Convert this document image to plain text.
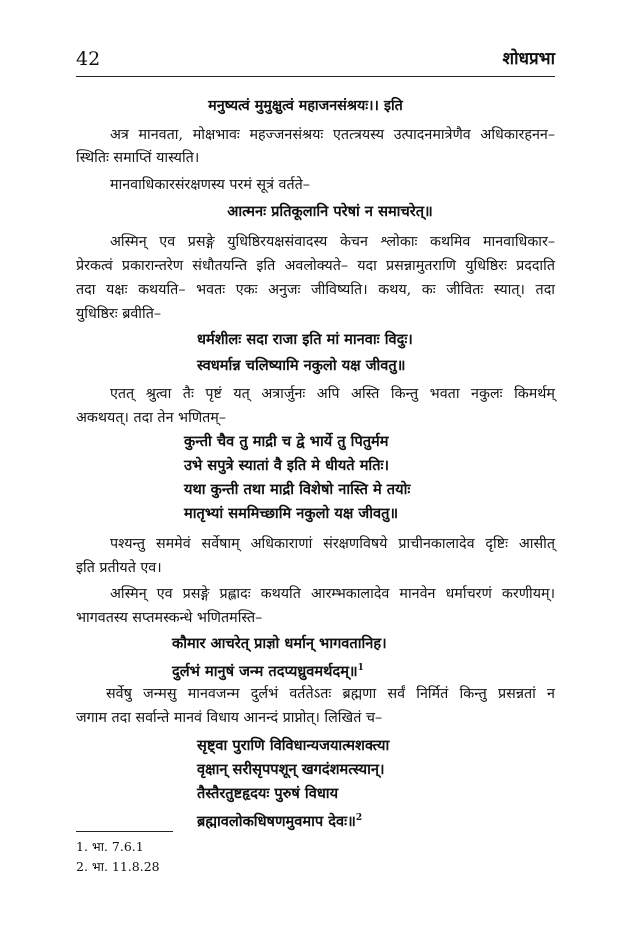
42	शोधप्रभा
मनुष्यत्वं मुमुक्षुत्वं महाजनसंश्रयः।। इति
अत्र मानवता, मोक्षभावः महज्जनसंश्रयः एतत्त्रयस्य उत्पादनमात्रेणैव अधिकारहनन–
स्थितिः समाप्तिं यास्यति।
मानवाधिकारसंरक्षणस्य परमं सूत्रं वर्तते–
आत्मनः प्रतिकूलानि परेषां न समाचरेत्॥
अस्मिन् एव प्रसङ्गे युधिष्ठिरयक्षसंवादस्य केचन श्लोकाः कथमिव मानवाधिकार–
प्रेरकत्वं प्रकारान्तरेण संधौतयन्ति इति अवलोक्यते– यदा प्रसन्नामुतराणि युधिष्ठिरः प्रददाति
तदा यक्षः कथयति– भवतः एकः अनुजः जीविष्यति। कथय, कः जीवितः स्यात्। तदा
युधिष्ठिरः ब्रवीति–
धर्मशीलः सदा राजा इति मां मानवाः विदुः।
स्वधर्मान्न चलिष्यामि नकुलो यक्ष जीवतु॥
एतत् श्रुत्वा तैः पृष्टं यत् अत्रार्जुनः अपि अस्ति किन्तु भवता नकुलः किमर्थम्
अकथयत्। तदा तेन भणितम्–
कुन्ती चैव तु माद्री च द्वे भार्ये तु पितुर्मम
उभे सपुत्रे स्यातां वै इति मे धीयते मतिः।
यथा कुन्ती तथा माद्री विशेषो नास्ति मे तयोः
मातृभ्यां सममिच्छामि नकुलो यक्ष जीवतु॥
पश्यन्तु सममेवं सर्वेषाम् अधिकाराणां संरक्षणविषये प्राचीनकालादेव दृष्टिः आसीत्
इति प्रतीयते एव।
अस्मिन् एव प्रसङ्गे प्रह्लादः कथयति आरम्भकालादेव मानवेन धर्माचरणं करणीयम्।
भागवतस्य सप्तमस्कन्धे भणितमस्ति–
कौमार आचरेत् प्राज्ञो धर्मान् भागवतानिह।
दुर्लभं मानुषं जन्म तदप्यध्रुवमर्थदम्॥$^1$
सर्वेषु जन्मसु मानवजन्म दुर्लभं वर्ततेऽतः ब्रह्मणा सर्वं निर्मितं किन्तु प्रसन्नतां न
जगाम तदा सर्वान्ते मानवं विधाय आनन्दं प्राप्नोत्। लिखितं च–
सृष्ट्वा पुराणि विविधान्यजयात्मशक्त्या
वृक्षान् सरीसृपपशून् खगदंशमत्स्यान्।
तैस्तैरतुष्टहृदयः पुरुषं विधाय
ब्रह्मावलोकधिषणमुवमाप देवः॥$^2$
1. भा. 7.6.1
2. भा. 11.8.28
